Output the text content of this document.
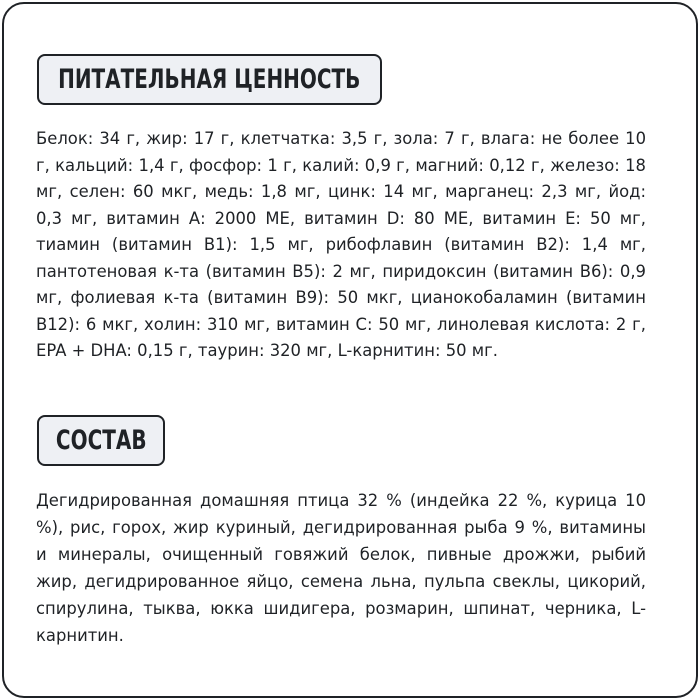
ПИТАТЕЛЬНАЯ ЦЕННОСТЬ

Белок: 34 г, жир: 17 г, клетчатка: 3,5 г, зола: 7 г, влага: не более 10 г, кальций: 1,4 г, фосфор: 1 г, калий: 0,9 г, магний: 0,12 г, железо: 18 мг, селен: 60 мкг, медь: 1,8 мг, цинк: 14 мг, марганец: 2,3 мг, йод: 0,3 мг, витамин А: 2000 МЕ, витамин D: 80 МЕ, витамин Е: 50 мг, тиамин (витамин В1): 1,5 мг, рибофлавин (витамин В2): 1,4 мг, пантотеновая к-та (витамин В5): 2 мг, пиридоксин (витамин В6): 0,9 мг, фолиевая к-та (витамин В9): 50 мкг, цианокобаламин (витамин В12): 6 мкг, холин: 310 мг, витамин С: 50 мг, линолевая кислота: 2 г, EPA + DHA: 0,15 г, таурин: 320 мг, L-карнитин: 50 мг.

СОСТАВ

Дегидрированная домашняя птица 32 % (индейка 22 %, курица 10 %), рис, горох, жир куриный, дегидрированная рыба 9 %, витамины и минералы, очищенный говяжий белок, пивные дрожжи, рыбий жир, дегидрированное яйцо, семена льна, пульпа свеклы, цикорий, спирулина, тыква, юкка шидигера, розмарин, шпинат, черника, L-карнитин.
